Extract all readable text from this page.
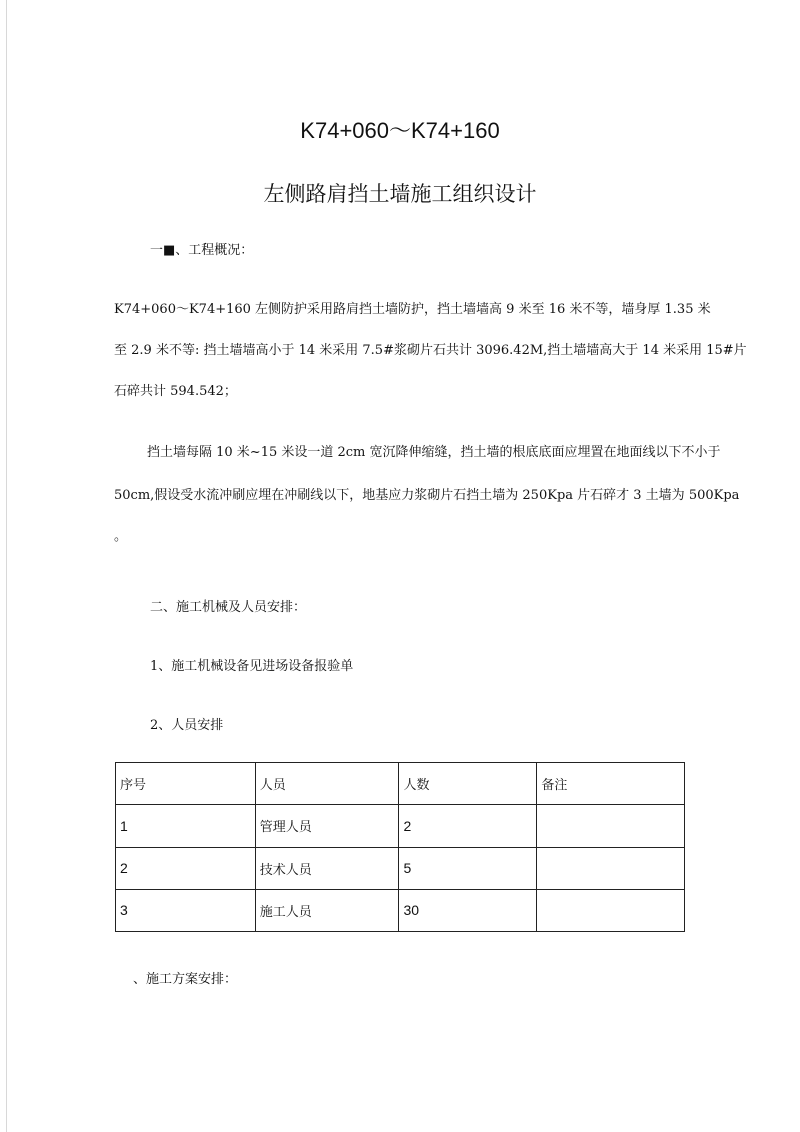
K74+060～K74+160
左侧路肩挡土墙施工组织设计
一■、工程概况：
K74+060～K74+160 左侧防护采用路肩挡土墙防护，挡土墙墙高 9 米至 16 米不等，墙身厚 1.35 米
至 2.9 米不等: 挡土墙墙高小于 14 米采用 7.5#浆砌片石共计 3096.42M,挡土墙墙高大于 14 米采用 15#片
石碎共计 594.542；
挡土墙每隔 10 米~15 米设一道 2cm 宽沉降伸缩缝，挡土墙的根底底面应埋置在地面线以下不小于
50cm,假设受水流冲刷应埋在冲刷线以下，地基应力浆砌片石挡土墙为 250Kpa 片石碎才 3 土墙为 500Kpa
。
二、施工机械及人员安排：
1、施工机械设备见进场设备报验单
2、人员安排
序号	人员	人数	备注
1	管理人员	2	
2	技术人员	5	
3	施工人员	30	
、施工方案安排：
